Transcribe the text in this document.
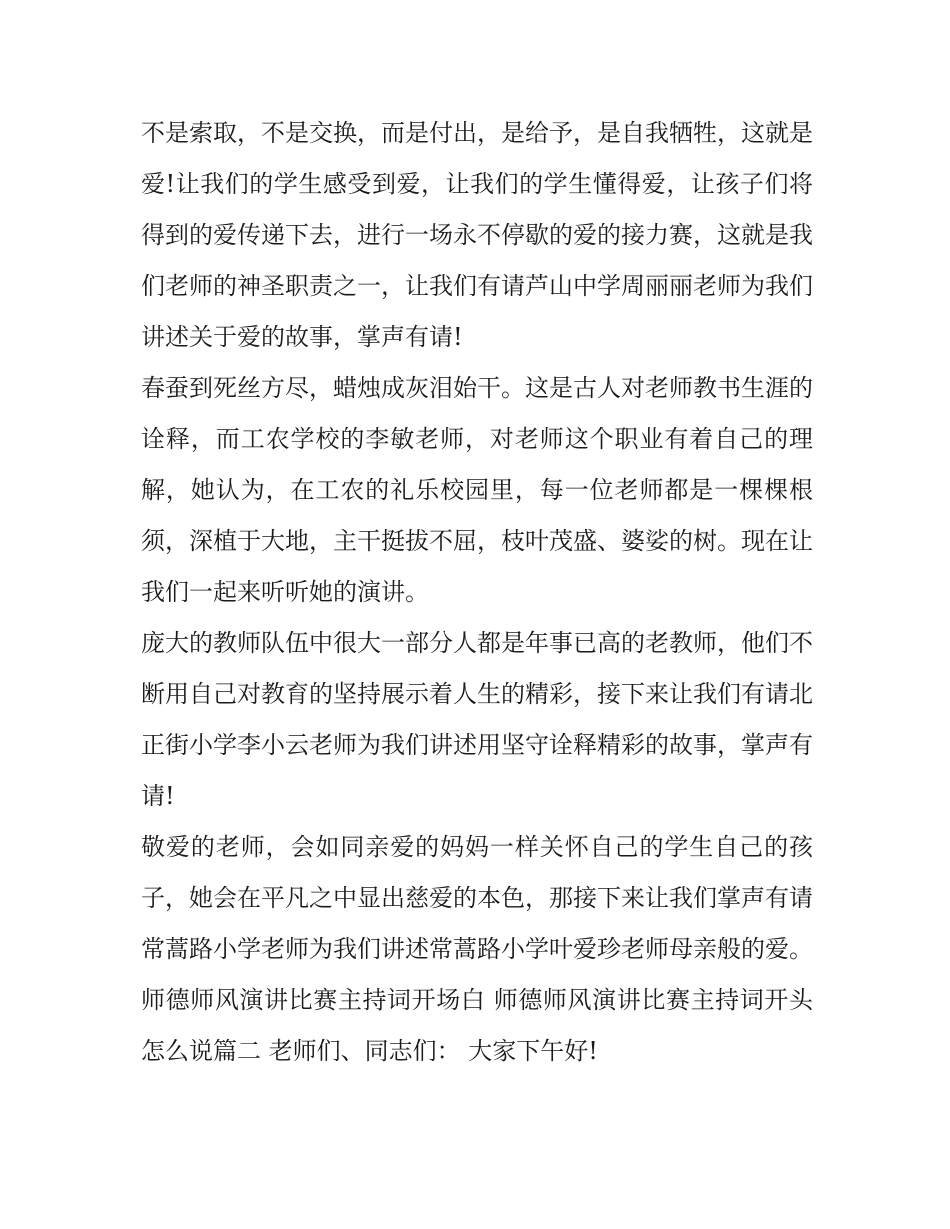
不是索取，不是交换，而是付出，是给予，是自我牺牲，这就是爱!让我们的学生感受到爱，让我们的学生懂得爱，让孩子们将得到的爱传递下去，进行一场永不停歇的爱的接力赛，这就是我们老师的神圣职责之一，让我们有请芦山中学周丽丽老师为我们讲述关于爱的故事，掌声有请!

春蚕到死丝方尽，蜡烛成灰泪始干。这是古人对老师教书生涯的诠释，而工农学校的李敏老师，对老师这个职业有着自己的理解，她认为，在工农的礼乐校园里，每一位老师都是一棵棵根须，深植于大地，主干挺拔不屈，枝叶茂盛、婆娑的树。现在让我们一起来听听她的演讲。

庞大的教师队伍中很大一部分人都是年事已高的老教师，他们不断用自己对教育的坚持展示着人生的精彩，接下来让我们有请北正街小学李小云老师为我们讲述用坚守诠释精彩的故事，掌声有请!

敬爱的老师，会如同亲爱的妈妈一样关怀自己的学生自己的孩子，她会在平凡之中显出慈爱的本色，那接下来让我们掌声有请常蒿路小学老师为我们讲述常蒿路小学叶爱珍老师母亲般的爱。

师德师风演讲比赛主持词开场白 师德师风演讲比赛主持词开头怎么说篇二 老师们、同志们： 大家下午好!
